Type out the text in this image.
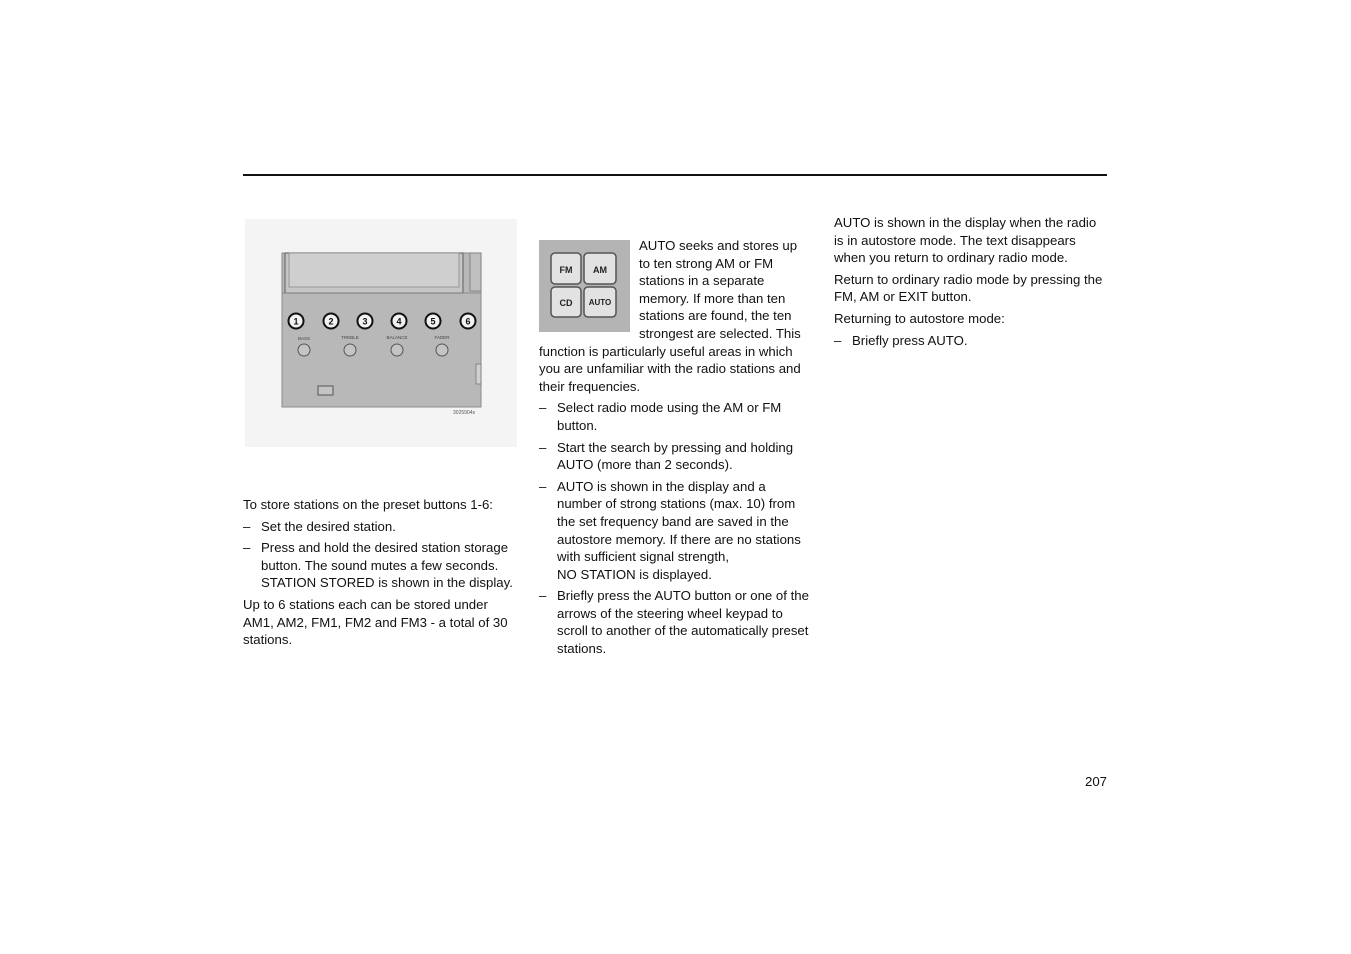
1	2	3	4	5	6
BASS	TREBLE	BALANCE	FADER
3025904s

To store stations on the preset buttons 1-6:

– Set the desired station.
– Press and hold the desired station storage button. The sound mutes a few seconds. STATION STORED is shown in the display.

Up to 6 stations each can be stored under AM1, AM2, FM1, FM2 and FM3 - a total of 30 stations.

FM AM
CD AUTO

AUTO seeks and stores up to ten strong AM or FM stations in a separate memory. If more than ten stations are found, the ten strongest are selected. This function is particularly useful areas in which you are unfamiliar with the radio stations and their frequencies.

– Select radio mode using the AM or FM button.
– Start the search by pressing and holding AUTO (more than 2 seconds).
– AUTO is shown in the display and a number of strong stations (max. 10) from the set frequency band are saved in the autostore memory. If there are no stations with sufficient signal strength,
NO STATION is displayed.
– Briefly press the AUTO button or one of the arrows of the steering wheel keypad to scroll to another of the automatically preset stations.

AUTO is shown in the display when the radio is in autostore mode. The text disappears when you return to ordinary radio mode.

Return to ordinary radio mode by pressing the FM, AM or EXIT button.

Returning to autostore mode:

– Briefly press AUTO.
207
